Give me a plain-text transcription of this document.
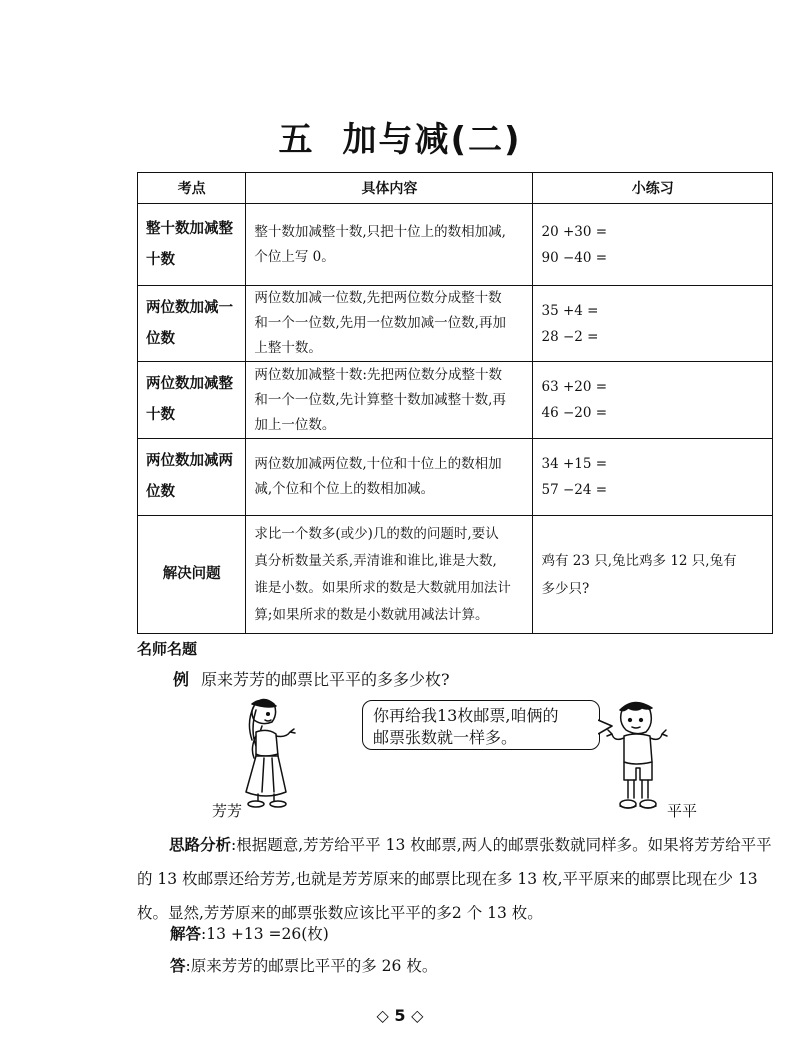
五 加与减(二)
考点	具体内容	小练习

整十数加减整
十数	整十数加减整十数,只把十位上的数相加减,
个位上写 0。	20 +30 =
90 −40 =

两位数加减一
位数	两位数加减一位数,先把两位数分成整十数
和一个一位数,先用一位数加减一位数,再加
上整十数。	35 +4 =
28 −2 =

两位数加减整
十数	两位数加减整十数:先把两位数分成整十数
和一个一位数,先计算整十数加减整十数,再
加上一位数。	63 +20 =
46 −20 =

两位数加减两
位数	两位数加减两位数,十位和十位上的数相加
减,个位和个位上的数相加减。	34 +15 =
57 −24 =

解决问题	求比一个数多(或少)几的数的问题时,要认
真分析数量关系,弄清谁和谁比,谁是大数,
谁是小数。如果所求的数是大数就用加法计
算;如果所求的数是小数就用减法计算。	鸡有 23 只,兔比鸡多 12 只,兔有
多少只?
名师名题
例 原来芳芳的邮票比平平的多多少枚?
芳芳
你再给我13枚邮票,咱俩的
邮票张数就一样多。
平平
思路分析:根据题意,芳芳给平平 13 枚邮票,两人的邮票张数就同样多。如果将芳芳给平平的 13 枚邮票还给芳芳,也就是芳芳原来的邮票比现在多 13 枚,平平原来的邮票比现在少 13 枚。显然,芳芳原来的邮票张数应该比平平的多2 个 13 枚。
解答:13 +13 =26(枚)
答:原来芳芳的邮票比平平的多 26 枚。
◇ 5 ◇
